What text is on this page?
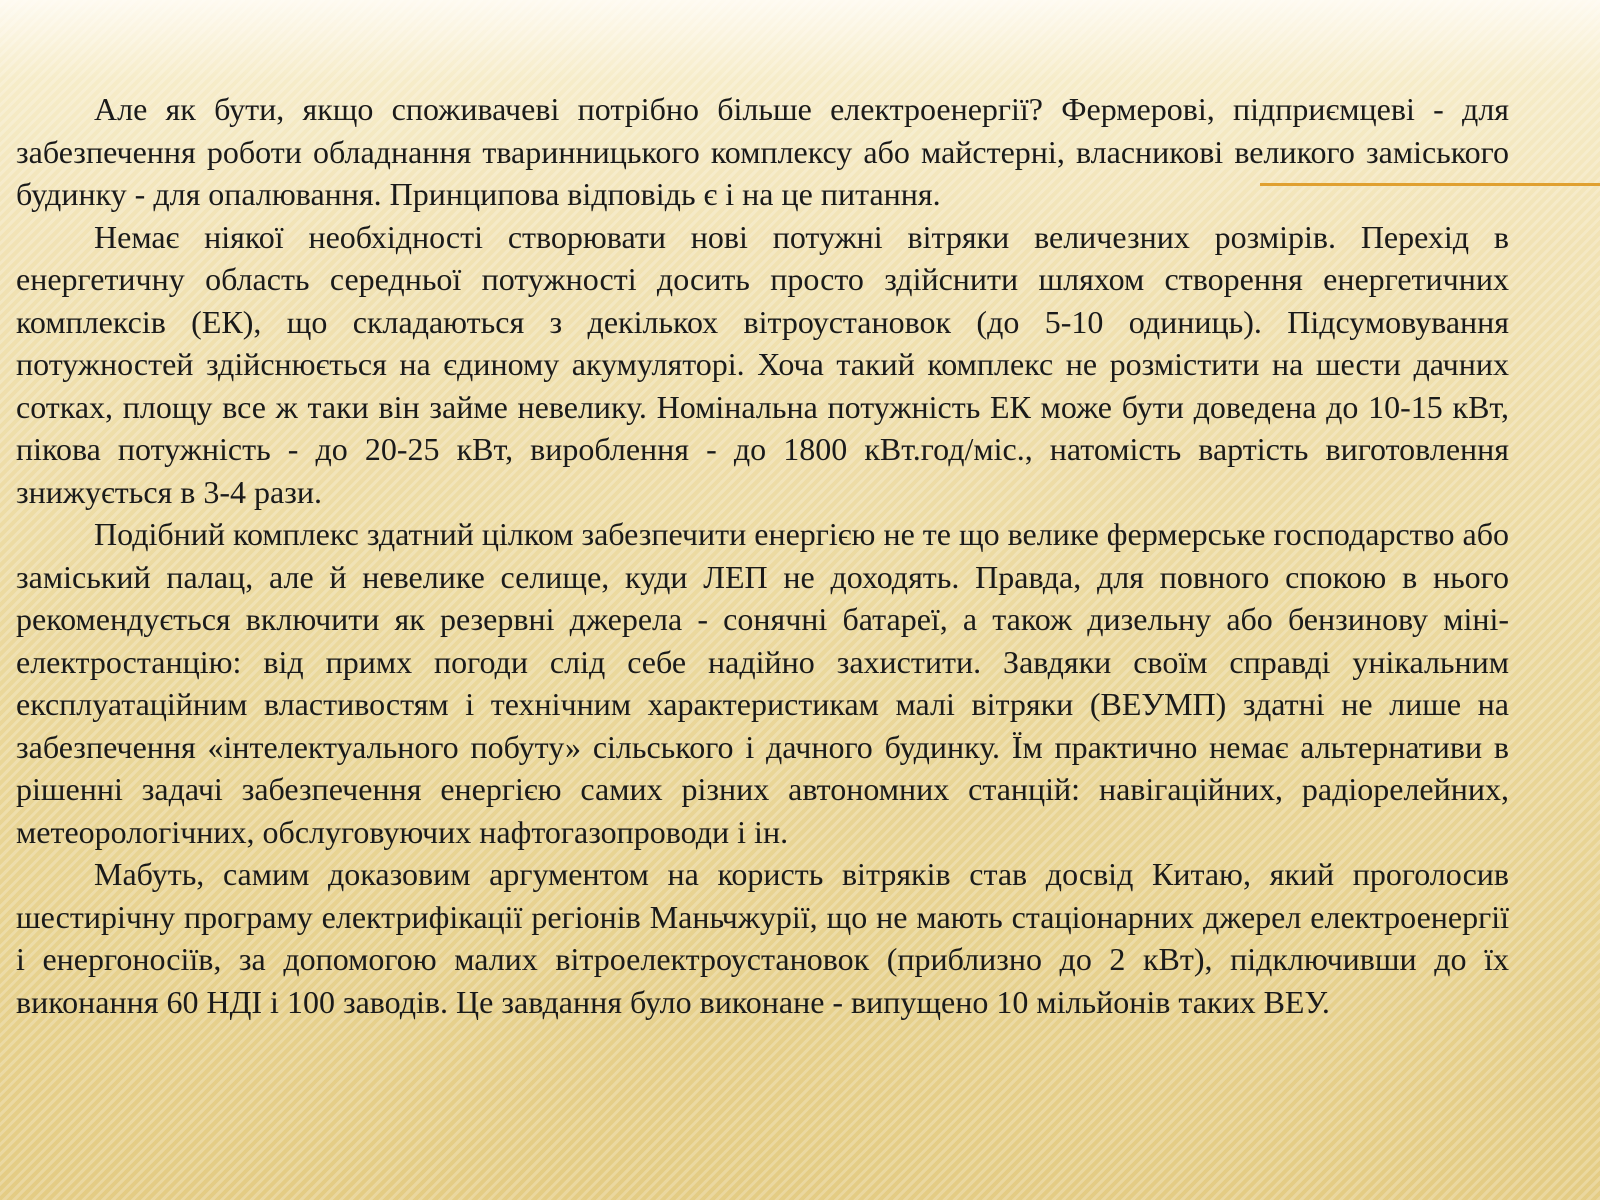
Але як бути, якщо споживачеві потрібно більше електроенергії? Фермерові, підприємцеві - для забезпечення роботи обладнання тваринницького комплексу або майстерні, власникові великого заміського будинку - для опалювання. Принципова відповідь є і на це питання.

Немає ніякої необхідності створювати нові потужні вітряки величезних розмірів. Перехід в енергетичну область середньої потужності досить просто здійснити шляхом створення енергетичних комплексів (ЕК), що складаються з декількох вітроустановок (до 5-10 одиниць). Підсумовування потужностей здійснюється на єдиному акумуляторі. Хоча такий комплекс не розмістити на шести дачних сотках, площу все ж таки він займе невелику. Номінальна потужність ЕК може бути доведена до 10-15 кВт, пікова потужність - до 20-25 кВт, вироблення - до 1800 кВт.год/міс., натомість вартість виготовлення знижується в 3-4 рази.

Подібний комплекс здатний цілком забезпечити енергією не те що велике фермерське господарство або заміський палац, але й невелике селище, куди ЛЕП не доходять. Правда, для повного спокою в нього рекомендується включити як резервні джерела - сонячні батареї, а також дизельну або бензинову міні-електростанцію: від примх погоди слід себе надійно захистити. Завдяки своїм справді унікальним експлуатаційним властивостям і технічним характеристикам малі вітряки (ВЕУМП) здатні не лише на забезпечення «інтелектуального побуту» сільського і дачного будинку. Їм практично немає альтернативи в рішенні задачі забезпечення енергією самих різних автономних станцій: навігаційних, радіорелейних, метеорологічних, обслуговуючих нафтогазопроводи і ін.

Мабуть, самим доказовим аргументом на користь вітряків став досвід Китаю, який проголосив шестирічну програму електрифікації регіонів Маньчжурії, що не мають стаціонарних джерел електроенергії і енергоносіїв, за допомогою малих вітроелектроустановок (приблизно до 2 кВт), підключивши до їх виконання 60 НДІ і 100 заводів. Це завдання було виконане - випущено 10 мільйонів таких ВЕУ.
